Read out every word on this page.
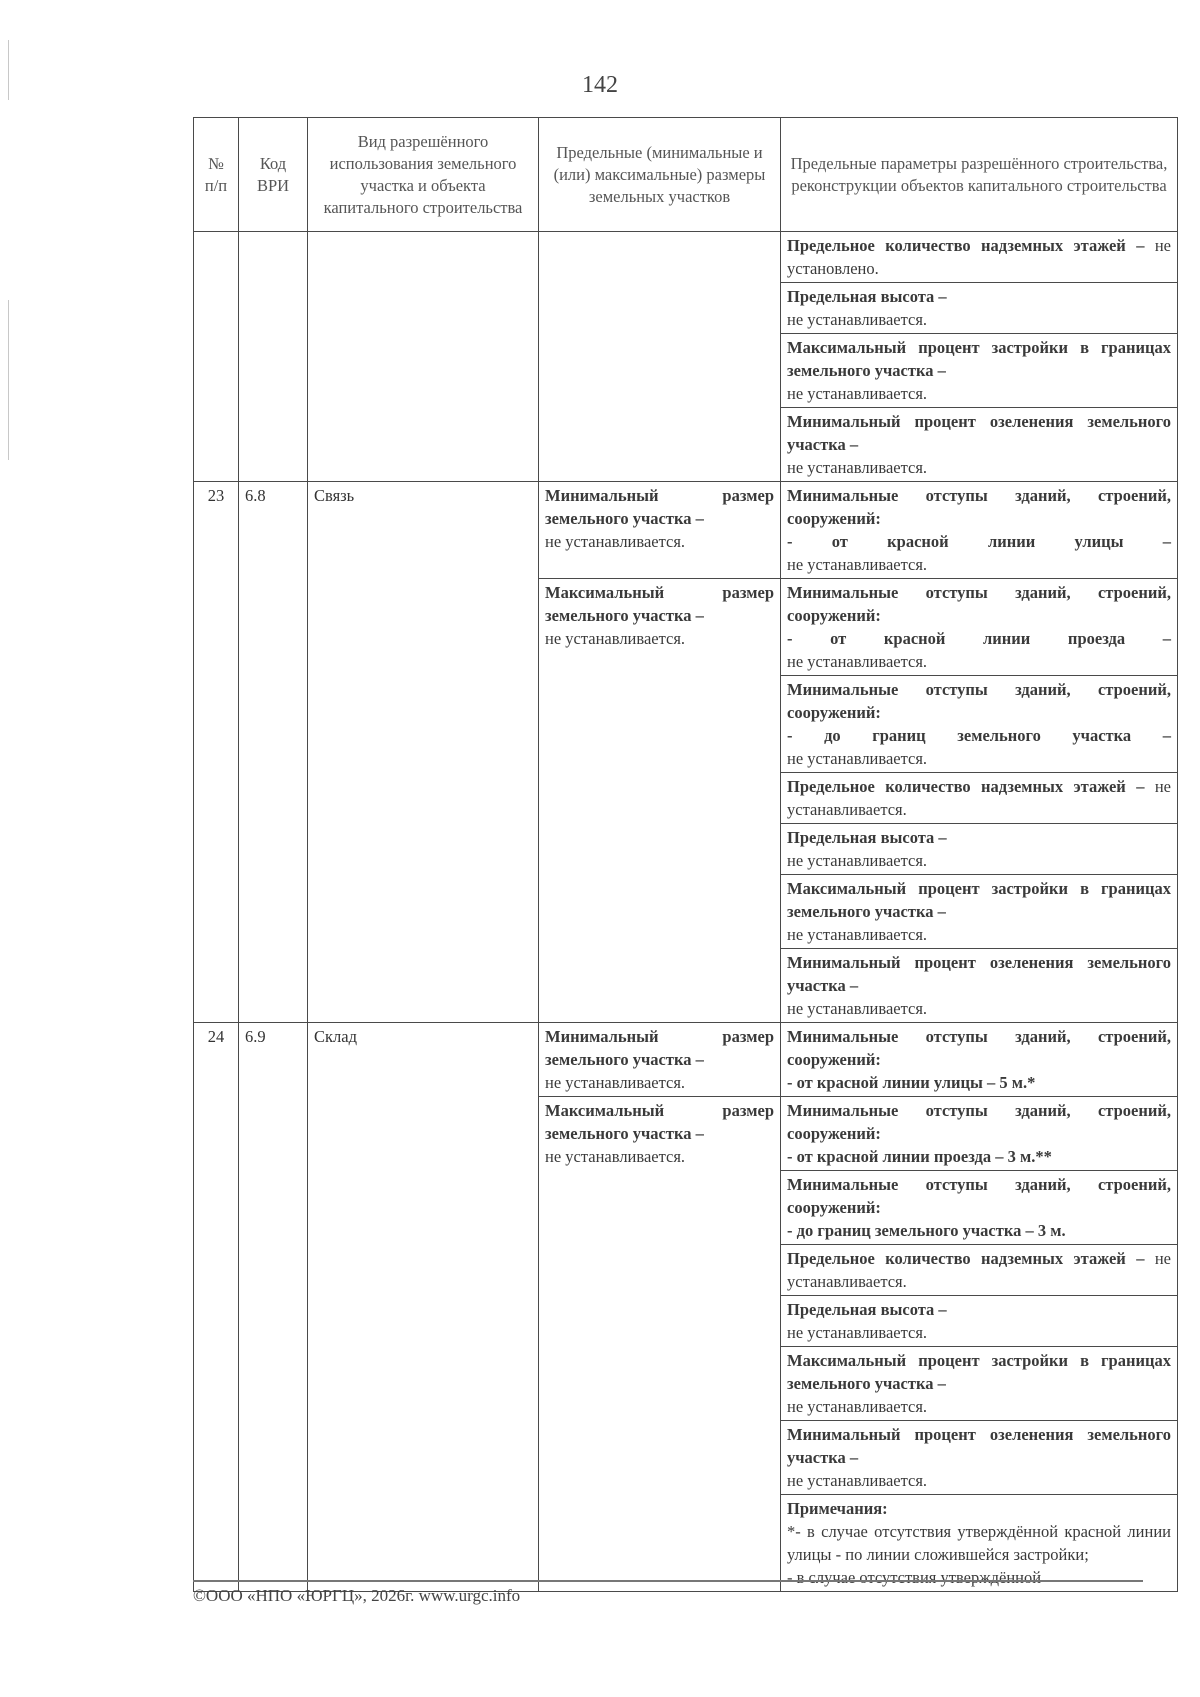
142
№ п/п	Код ВРИ	Вид разрешённого использования земельного участка и объекта капитального строительства	Предельные (минимальные и (или) максимальные) размеры земельных участков	Предельные параметры разрешённого строительства, реконструкции объектов капитального строительства
				Предельное количество надземных этажей – не установлено.
				Предельная высота –
не устанавливается.
				Максимальный процент застройки в границах земельного участка –
не устанавливается.
				Минимальный процент озеленения земельного участка –
не устанавливается.
23	6.8	Связь	Минимальный размер земельного участка –
не устанавливается.	Минимальные отступы зданий, строений, сооружений:

- от красной линии улицы –
не устанавливается.
			Максимальный размер земельного участка –
не устанавливается.	Минимальные отступы зданий, строений, сооружений:

- от красной линии проезда –
не устанавливается.
				Минимальные отступы зданий, строений, сооружений:

- до границ земельного участка –
не устанавливается.
				Предельное количество надземных этажей – не устанавливается.
				Предельная высота –
не устанавливается.
				Максимальный процент застройки в границах земельного участка –
не устанавливается.
				Минимальный процент озеленения земельного участка –
не устанавливается.
24	6.9	Склад	Минимальный размер земельного участка –
не устанавливается.	Минимальные отступы зданий, строений, сооружений:
- от красной линии улицы – 5 м.*
			Максимальный размер земельного участка –
не устанавливается.	Минимальные отступы зданий, строений, сооружений:
- от красной линии проезда – 3 м.**
				Минимальные отступы зданий, строений, сооружений:
- до границ земельного участка – 3 м.
				Предельное количество надземных этажей – не устанавливается.
				Предельная высота –
не устанавливается.
				Максимальный процент застройки в границах земельного участка –
не устанавливается.
				Минимальный процент озеленения земельного участка –
не устанавливается.
				Примечания:
*- в случае отсутствия утверждённой красной линии улицы - по линии сложившейся застройки;
- в случае отсутствия утверждённой
©ООО «НПО «ЮРГЦ», 2026г. www.urgc.info
